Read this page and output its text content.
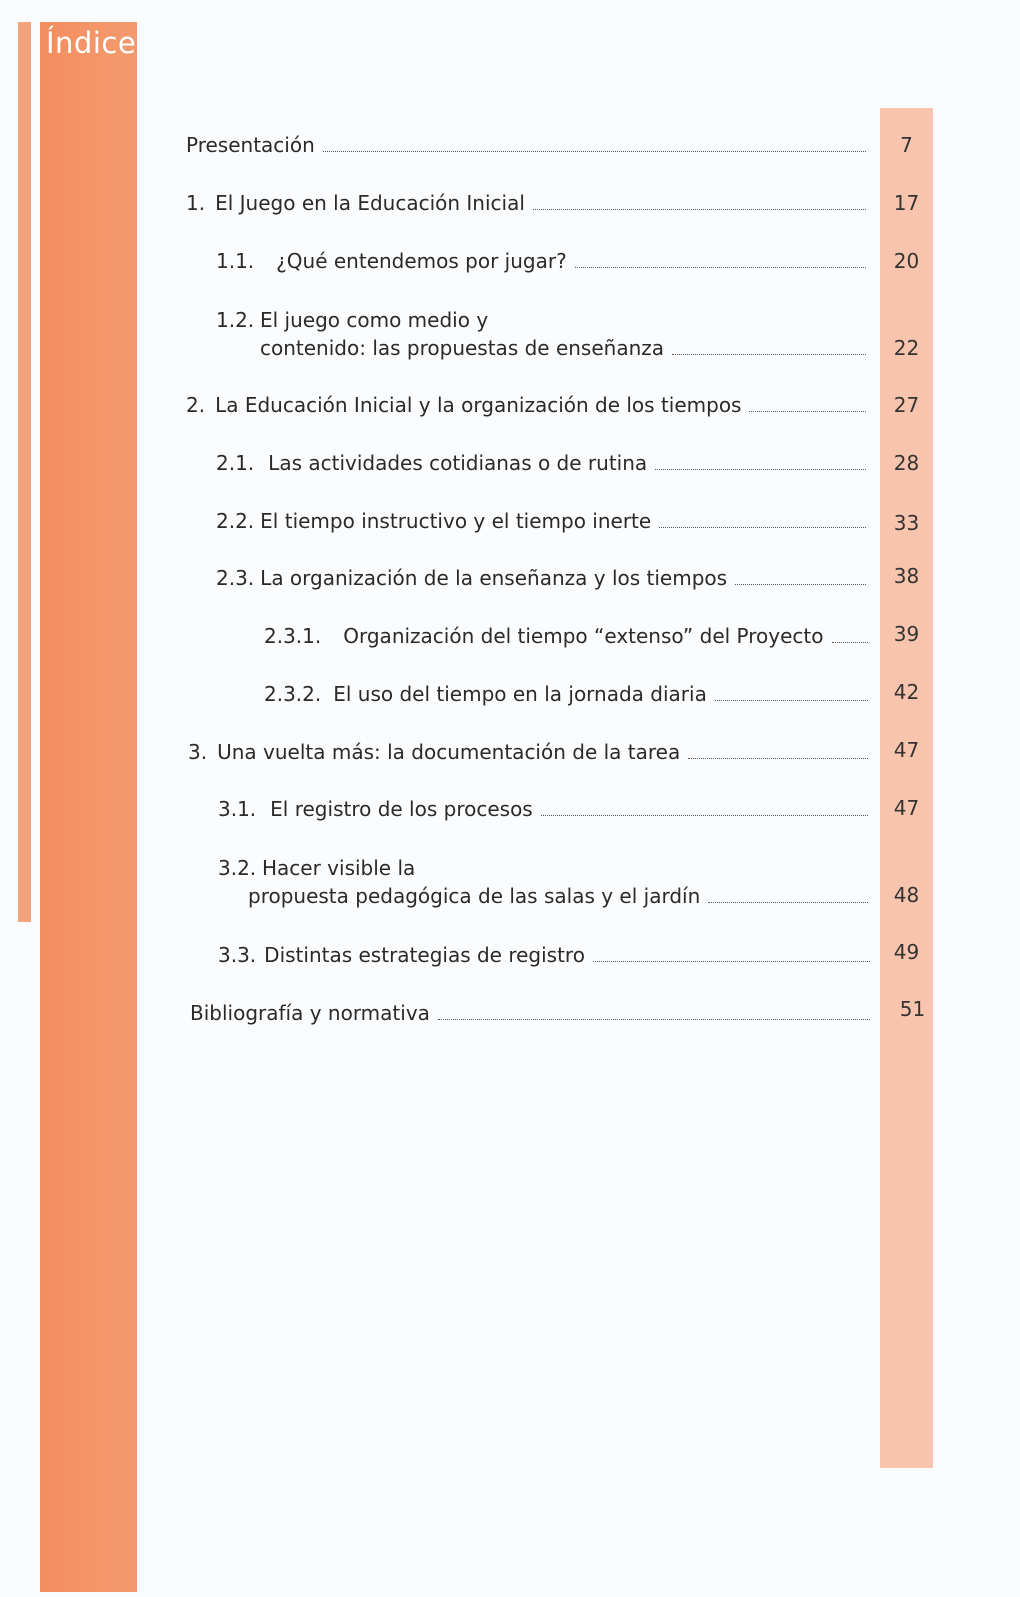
Índice
Presentación	7
1. El Juego en la Educación Inicial	17
1.1. ¿Qué entendemos por jugar?	20
1.2. El juego como medio y
contenido: las propuestas de enseñanza	22
2. La Educación Inicial y la organización de los tiempos	27
2.1. Las actividades cotidianas o de rutina	28
2.2. El tiempo instructivo y el tiempo inerte	33
2.3. La organización de la enseñanza y los tiempos	38
2.3.1. Organización del tiempo “extenso” del Proyecto	39
2.3.2. El uso del tiempo en la jornada diaria	42
3. Una vuelta más: la documentación de la tarea	47
3.1. El registro de los procesos	47
3.2. Hacer visible la
propuesta pedagógica de las salas y el jardín	48
3.3. Distintas estrategias de registro	49
Bibliografía y normativa	51
